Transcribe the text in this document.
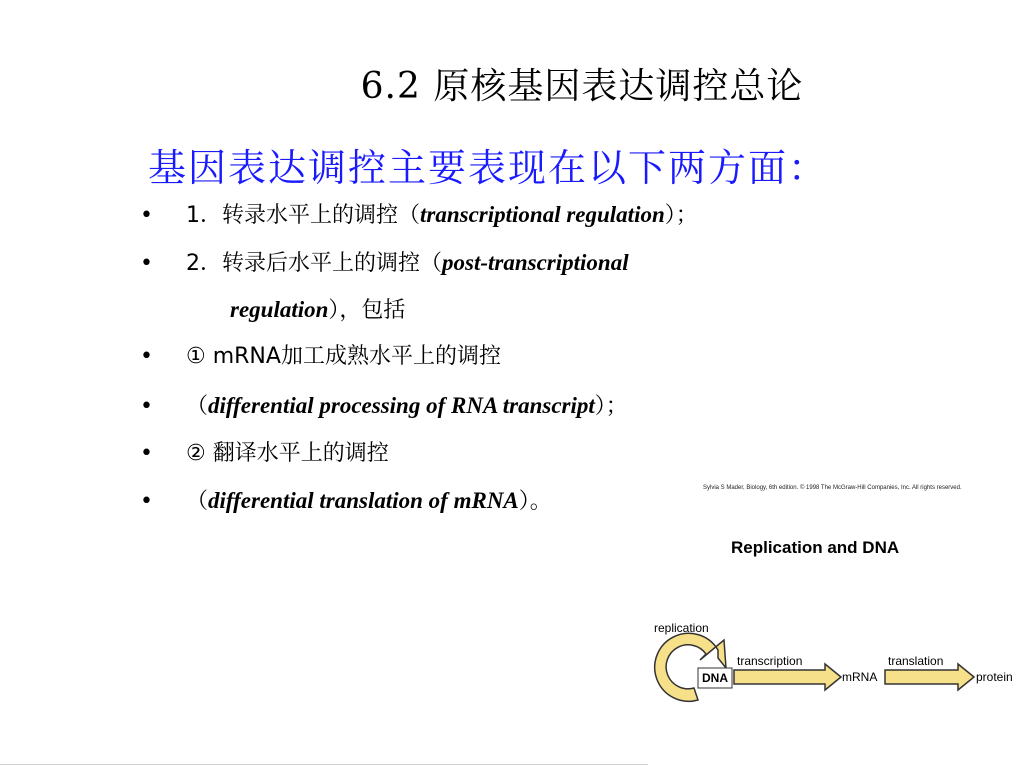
6.2 原核基因表达调控总论
基因表达调控主要表现在以下两方面：
• 1．转录水平上的调控（transcriptional regulation）；
• 2．转录后水平上的调控（post-transcriptional
regulation），包括
• ① mRNA加工成熟水平上的调控
• （differential processing of RNA transcript）；
• ② 翻译水平上的调控
• （differential translation of mRNA）。
Sylvia S Mader, Biology, 6th edition. © 1998 The McGraw-Hill Companies, Inc. All rights reserved.
Replication and DNA
replication
DNA
transcription
mRNA
translation
protein
